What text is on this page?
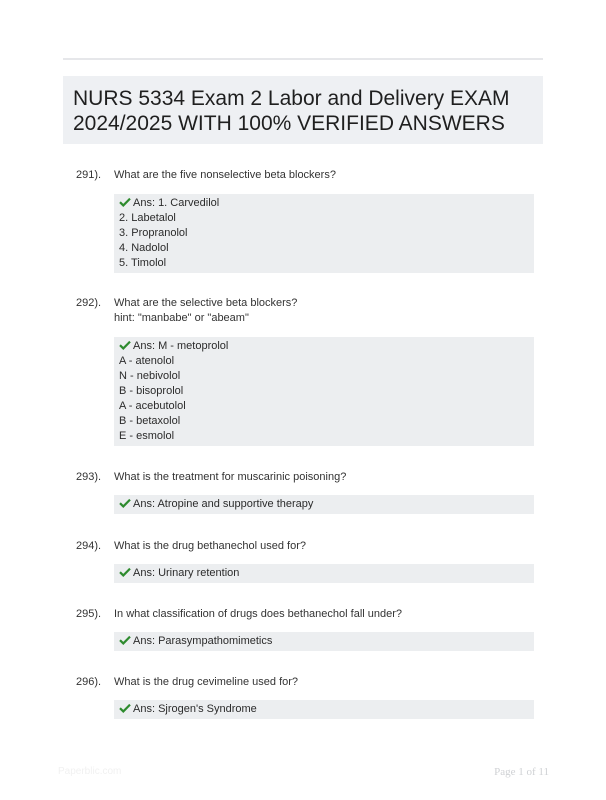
NURS 5334 Exam 2 Labor and Delivery EXAM
2024/2025 WITH 100% VERIFIED ANSWERS
291). What are the five nonselective beta blockers?
Ans: 1. Carvedilol
2. Labetalol
3. Propranolol
4. Nadolol
5. Timolol
292). What are the selective beta blockers?
hint: "manbabe" or "abeam"
Ans: M - metoprolol
A - atenolol
N - nebivolol
B - bisoprolol
A - acebutolol
B - betaxolol
E - esmolol
293). What is the treatment for muscarinic poisoning?
Ans: Atropine and supportive therapy
294). What is the drug bethanechol used for?
Ans: Urinary retention
295). In what classification of drugs does bethanechol fall under?
Ans: Parasympathomimetics
296). What is the drug cevimeline used for?
Ans: Sjrogen's Syndrome
Paperblic.com	Page 1 of 11
